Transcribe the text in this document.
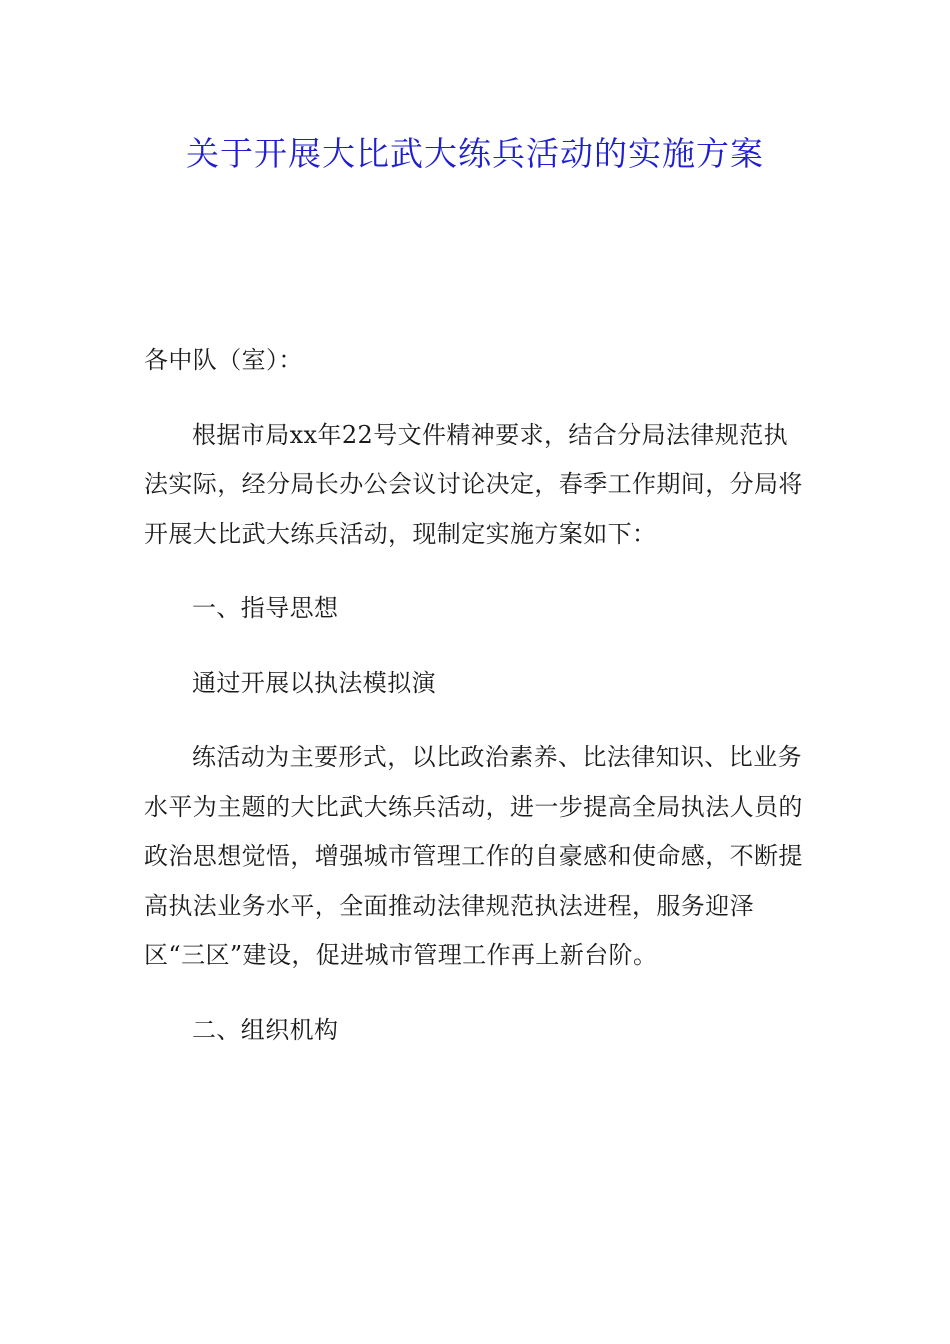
关于开展大比武大练兵活动的实施方案

各中队（室）：

根据市局xx年22号文件精神要求，结合分局法律规范执法实际，经分局长办公会议讨论决定，春季工作期间，分局将开展大比武大练兵活动，现制定实施方案如下：

一、指导思想

通过开展以执法模拟演

练活动为主要形式，以比政治素养、比法律知识、比业务水平为主题的大比武大练兵活动，进一步提高全局执法人员的政治思想觉悟，增强城市管理工作的自豪感和使命感，不断提高执法业务水平，全面推动法律规范执法进程，服务迎泽区“三区”建设，促进城市管理工作再上新台阶。

二、组织机构
